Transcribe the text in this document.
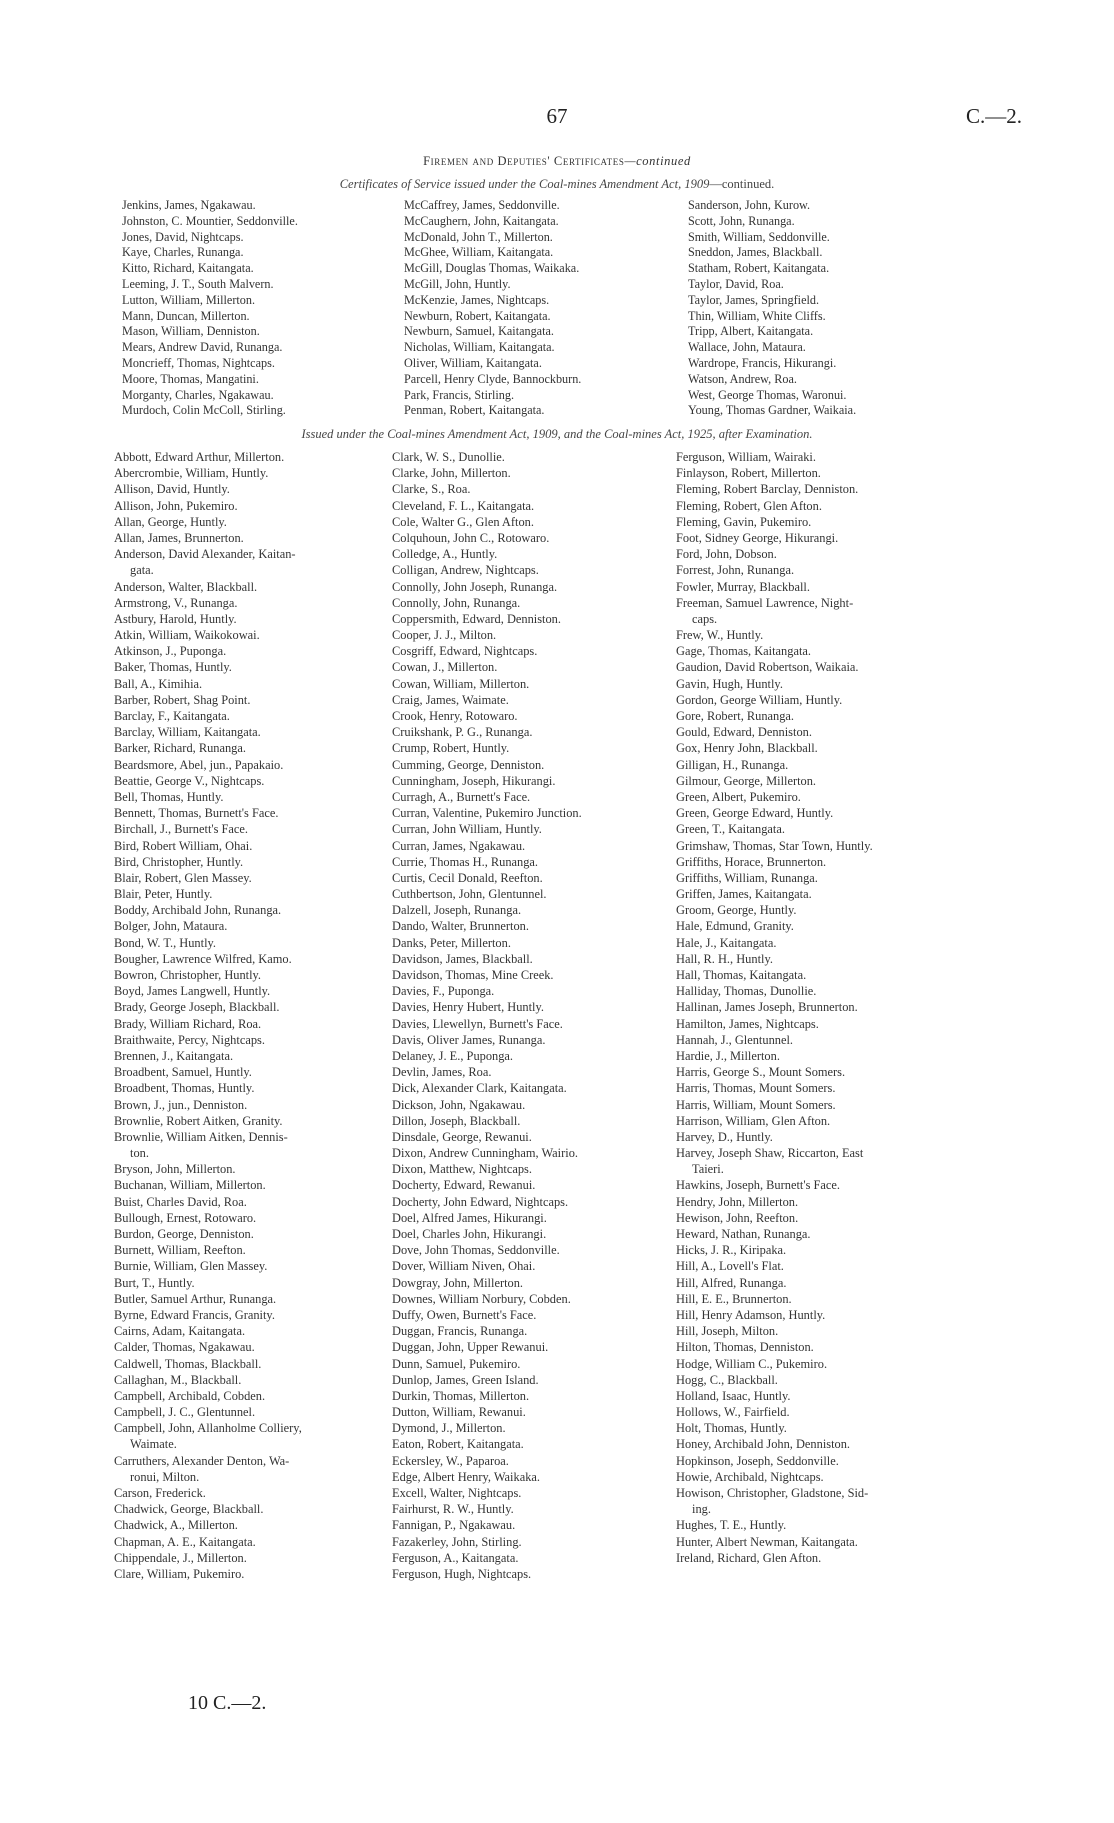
67	C.—2.
Firemen and Deputies' Certificates—continued
Certificates of Service issued under the Coal-mines Amendment Act, 1909—continued.
Jenkins, James, Ngakawau.
Johnston, C. Mountier, Seddonville.
Jones, David, Nightcaps.
Kaye, Charles, Runanga.
Kitto, Richard, Kaitangata.
Leeming, J. T., South Malvern.
Lutton, William, Millerton.
Mann, Duncan, Millerton.
Mason, William, Denniston.
Mears, Andrew David, Runanga.
Moncrieff, Thomas, Nightcaps.
Moore, Thomas, Mangatini.
Morganty, Charles, Ngakawau.
Murdoch, Colin McColl, Stirling.
McCaffrey, James, Seddonville.
McCaughern, John, Kaitangata.
McDonald, John T., Millerton.
McGhee, William, Kaitangata.
McGill, Douglas Thomas, Waikaka.
McGill, John, Huntly.
McKenzie, James, Nightcaps.
Newburn, Robert, Kaitangata.
Newburn, Samuel, Kaitangata.
Nicholas, William, Kaitangata.
Oliver, William, Kaitangata.
Parcell, Henry Clyde, Bannockburn.
Park, Francis, Stirling.
Penman, Robert, Kaitangata.
Sanderson, John, Kurow.
Scott, John, Runanga.
Smith, William, Seddonville.
Sneddon, James, Blackball.
Statham, Robert, Kaitangata.
Taylor, David, Roa.
Taylor, James, Springfield.
Thin, William, White Cliffs.
Tripp, Albert, Kaitangata.
Wallace, John, Mataura.
Wardrope, Francis, Hikurangi.
Watson, Andrew, Roa.
West, George Thomas, Waronui.
Young, Thomas Gardner, Waikaia.
Issued under the Coal-mines Amendment Act, 1909, and the Coal-mines Act, 1925, after Examination.
Abbott, Edward Arthur, Millerton.
Abercrombie, William, Huntly.
Allison, David, Huntly.
Allison, John, Pukemiro.
Allan, George, Huntly.
Allan, James, Brunnerton.
Anderson, David Alexander, Kaitan-
gata.
Anderson, Walter, Blackball.
Armstrong, V., Runanga.
Astbury, Harold, Huntly.
Atkin, William, Waikokowai.
Atkinson, J., Puponga.
Baker, Thomas, Huntly.
Ball, A., Kimihia.
Barber, Robert, Shag Point.
Barclay, F., Kaitangata.
Barclay, William, Kaitangata.
Barker, Richard, Runanga.
Beardsmore, Abel, jun., Papakaio.
Beattie, George V., Nightcaps.
Bell, Thomas, Huntly.
Bennett, Thomas, Burnett's Face.
Birchall, J., Burnett's Face.
Bird, Robert William, Ohai.
Bird, Christopher, Huntly.
Blair, Robert, Glen Massey.
Blair, Peter, Huntly.
Boddy, Archibald John, Runanga.
Bolger, John, Mataura.
Bond, W. T., Huntly.
Bougher, Lawrence Wilfred, Kamo.
Bowron, Christopher, Huntly.
Boyd, James Langwell, Huntly.
Brady, George Joseph, Blackball.
Brady, William Richard, Roa.
Braithwaite, Percy, Nightcaps.
Brennen, J., Kaitangata.
Broadbent, Samuel, Huntly.
Broadbent, Thomas, Huntly.
Brown, J., jun., Denniston.
Brownlie, Robert Aitken, Granity.
Brownlie, William Aitken, Dennis-
ton.
Bryson, John, Millerton.
Buchanan, William, Millerton.
Buist, Charles David, Roa.
Bullough, Ernest, Rotowaro.
Burdon, George, Denniston.
Burnett, William, Reefton.
Burnie, William, Glen Massey.
Burt, T., Huntly.
Butler, Samuel Arthur, Runanga.
Byrne, Edward Francis, Granity.
Cairns, Adam, Kaitangata.
Calder, Thomas, Ngakawau.
Caldwell, Thomas, Blackball.
Callaghan, M., Blackball.
Campbell, Archibald, Cobden.
Campbell, J. C., Glentunnel.
Campbell, John, Allanholme Colliery,
Waimate.
Carruthers, Alexander Denton, Wa-
ronui, Milton.
Carson, Frederick.
Chadwick, George, Blackball.
Chadwick, A., Millerton.
Chapman, A. E., Kaitangata.
Chippendale, J., Millerton.
Clare, William, Pukemiro.
Clark, W. S., Dunollie.
Clarke, John, Millerton.
Clarke, S., Roa.
Cleveland, F. L., Kaitangata.
Cole, Walter G., Glen Afton.
Colquhoun, John C., Rotowaro.
Colledge, A., Huntly.
Colligan, Andrew, Nightcaps.
Connolly, John Joseph, Runanga.
Connolly, John, Runanga.
Coppersmith, Edward, Denniston.
Cooper, J. J., Milton.
Cosgriff, Edward, Nightcaps.
Cowan, J., Millerton.
Cowan, William, Millerton.
Craig, James, Waimate.
Crook, Henry, Rotowaro.
Cruikshank, P. G., Runanga.
Crump, Robert, Huntly.
Cumming, George, Denniston.
Cunningham, Joseph, Hikurangi.
Curragh, A., Burnett's Face.
Curran, Valentine, Pukemiro Junction.
Curran, John William, Huntly.
Curran, James, Ngakawau.
Currie, Thomas H., Runanga.
Curtis, Cecil Donald, Reefton.
Cuthbertson, John, Glentunnel.
Dalzell, Joseph, Runanga.
Dando, Walter, Brunnerton.
Danks, Peter, Millerton.
Davidson, James, Blackball.
Davidson, Thomas, Mine Creek.
Davies, F., Puponga.
Davies, Henry Hubert, Huntly.
Davies, Llewellyn, Burnett's Face.
Davis, Oliver James, Runanga.
Delaney, J. E., Puponga.
Devlin, James, Roa.
Dick, Alexander Clark, Kaitangata.
Dickson, John, Ngakawau.
Dillon, Joseph, Blackball.
Dinsdale, George, Rewanui.
Dixon, Andrew Cunningham, Wairio.
Dixon, Matthew, Nightcaps.
Docherty, Edward, Rewanui.
Docherty, John Edward, Nightcaps.
Doel, Alfred James, Hikurangi.
Doel, Charles John, Hikurangi.
Dove, John Thomas, Seddonville.
Dover, William Niven, Ohai.
Dowgray, John, Millerton.
Downes, William Norbury, Cobden.
Duffy, Owen, Burnett's Face.
Duggan, Francis, Runanga.
Duggan, John, Upper Rewanui.
Dunn, Samuel, Pukemiro.
Dunlop, James, Green Island.
Durkin, Thomas, Millerton.
Dutton, William, Rewanui.
Dymond, J., Millerton.
Eaton, Robert, Kaitangata.
Eckersley, W., Paparoa.
Edge, Albert Henry, Waikaka.
Excell, Walter, Nightcaps.
Fairhurst, R. W., Huntly.
Fannigan, P., Ngakawau.
Fazakerley, John, Stirling.
Ferguson, A., Kaitangata.
Ferguson, Hugh, Nightcaps.
Ferguson, William, Wairaki.
Finlayson, Robert, Millerton.
Fleming, Robert Barclay, Denniston.
Fleming, Robert, Glen Afton.
Fleming, Gavin, Pukemiro.
Foot, Sidney George, Hikurangi.
Ford, John, Dobson.
Forrest, John, Runanga.
Fowler, Murray, Blackball.
Freeman, Samuel Lawrence, Night-
caps.
Frew, W., Huntly.
Gage, Thomas, Kaitangata.
Gaudion, David Robertson, Waikaia.
Gavin, Hugh, Huntly.
Gordon, George William, Huntly.
Gore, Robert, Runanga.
Gould, Edward, Denniston.
Gox, Henry John, Blackball.
Gilligan, H., Runanga.
Gilmour, George, Millerton.
Green, Albert, Pukemiro.
Green, George Edward, Huntly.
Green, T., Kaitangata.
Grimshaw, Thomas, Star Town, Huntly.
Griffiths, Horace, Brunnerton.
Griffiths, William, Runanga.
Griffen, James, Kaitangata.
Groom, George, Huntly.
Hale, Edmund, Granity.
Hale, J., Kaitangata.
Hall, R. H., Huntly.
Hall, Thomas, Kaitangata.
Halliday, Thomas, Dunollie.
Hallinan, James Joseph, Brunnerton.
Hamilton, James, Nightcaps.
Hannah, J., Glentunnel.
Hardie, J., Millerton.
Harris, George S., Mount Somers.
Harris, Thomas, Mount Somers.
Harris, William, Mount Somers.
Harrison, William, Glen Afton.
Harvey, D., Huntly.
Harvey, Joseph Shaw, Riccarton, East
Taieri.
Hawkins, Joseph, Burnett's Face.
Hendry, John, Millerton.
Hewison, John, Reefton.
Heward, Nathan, Runanga.
Hicks, J. R., Kiripaka.
Hill, A., Lovell's Flat.
Hill, Alfred, Runanga.
Hill, E. E., Brunnerton.
Hill, Henry Adamson, Huntly.
Hill, Joseph, Milton.
Hilton, Thomas, Denniston.
Hodge, William C., Pukemiro.
Hogg, C., Blackball.
Holland, Isaac, Huntly.
Hollows, W., Fairfield.
Holt, Thomas, Huntly.
Honey, Archibald John, Denniston.
Hopkinson, Joseph, Seddonville.
Howie, Archibald, Nightcaps.
Howison, Christopher, Gladstone, Sid-
ing.
Hughes, T. E., Huntly.
Hunter, Albert Newman, Kaitangata.
Ireland, Richard, Glen Afton.
10 C.—2.
